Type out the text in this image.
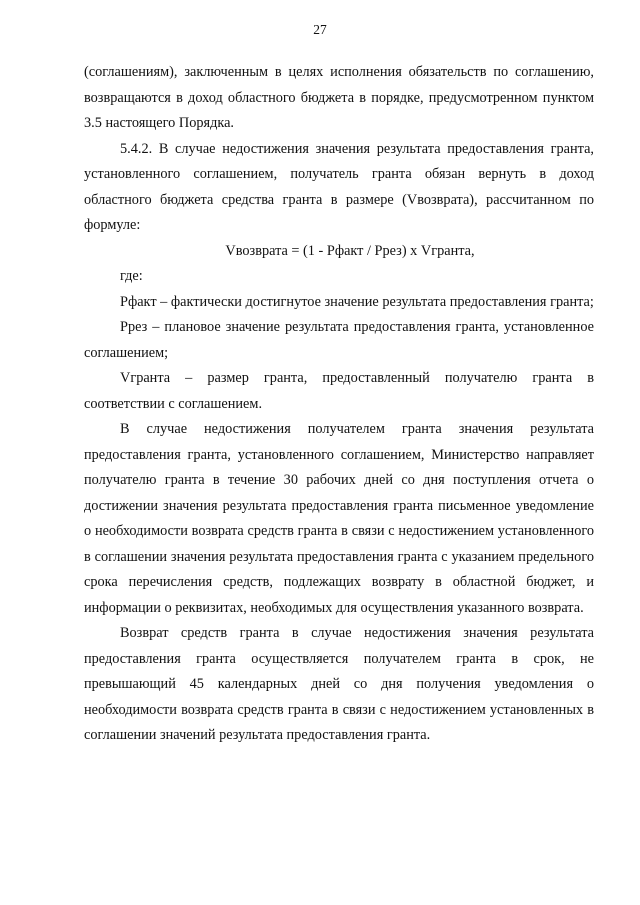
27

(соглашениям), заключенным в целях исполнения обязательств по соглашению, возвращаются в доход областного бюджета в порядке, предусмотренном пунктом 3.5 настоящего Порядка.

5.4.2. В случае недостижения значения результата предоставления гранта, установленного соглашением, получатель гранта обязан вернуть в доход областного бюджета средства гранта в размере (Vвозврата), рассчитанном по формуле:

Vвозврата = (1 - Рфакт / Ррез) х Vгранта,

где:

Рфакт – фактически достигнутое значение результата предоставления гранта;

Ррез – плановое значение результата предоставления гранта, установленное соглашением;

Vгранта – размер гранта, предоставленный получателю гранта в соответствии с соглашением.

В случае недостижения получателем гранта значения результата предоставления гранта, установленного соглашением, Министерство направляет получателю гранта в течение 30 рабочих дней со дня поступления отчета о достижении значения результата предоставления гранта письменное уведомление о необходимости возврата средств гранта в связи с недостижением установленного в соглашении значения результата предоставления гранта с указанием предельного срока перечисления средств, подлежащих возврату в областной бюджет, и информации о реквизитах, необходимых для осуществления указанного возврата.

Возврат средств гранта в случае недостижения значения результата предоставления гранта осуществляется получателем гранта в срок, не превышающий 45 календарных дней со дня получения уведомления о необходимости возврата средств гранта в связи с недостижением установленных в соглашении значений результата предоставления гранта.
